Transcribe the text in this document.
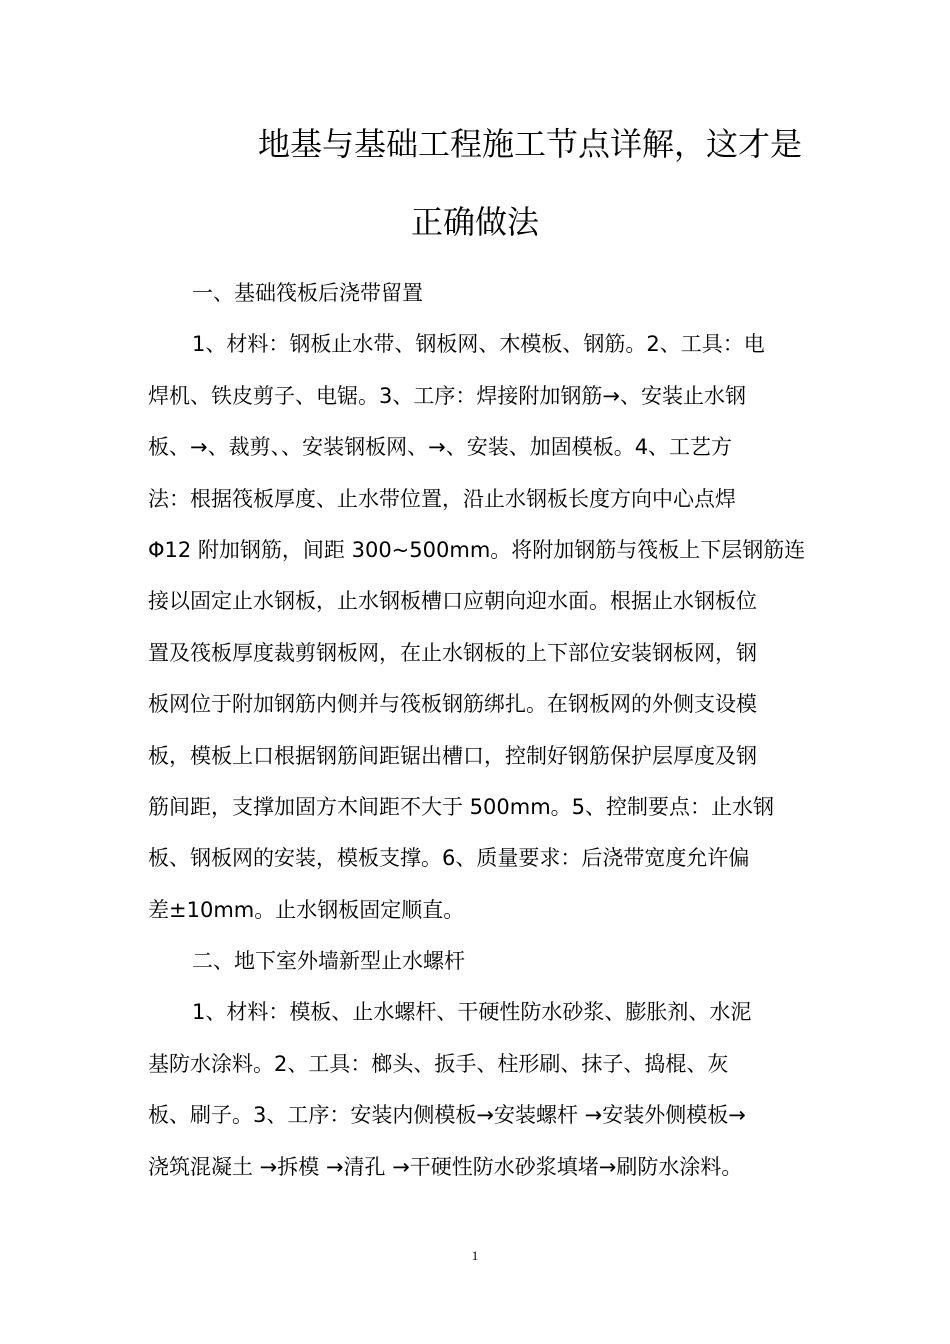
地基与基础工程施工节点详解，这才是
正确做法

一、基础筏板后浇带留置

1、材料：钢板止水带、钢板网、木模板、钢筋。2、工具：电

焊机、铁皮剪子、电锯。3、工序：焊接附加钢筋→、安装止水钢

板、→、裁剪、、安装钢板网、→、安装、加固模板。4、工艺方

法：根据筏板厚度、止水带位置，沿止水钢板长度方向中心点焊

Φ12 附加钢筋，间距 300~500mm。将附加钢筋与筏板上下层钢筋连

接以固定止水钢板，止水钢板槽口应朝向迎水面。根据止水钢板位

置及筏板厚度裁剪钢板网，在止水钢板的上下部位安装钢板网，钢

板网位于附加钢筋内侧并与筏板钢筋绑扎。在钢板网的外侧支设模

板，模板上口根据钢筋间距锯出槽口，控制好钢筋保护层厚度及钢

筋间距，支撑加固方木间距不大于 500mm。5、控制要点：止水钢

板、钢板网的安装，模板支撑。6、质量要求：后浇带宽度允许偏

差±10mm。止水钢板固定顺直。

二、地下室外墙新型止水螺杆

1、材料：模板、止水螺杆、干硬性防水砂浆、膨胀剂、水泥

基防水涂料。2、工具：榔头、扳手、柱形刷、抹子、捣棍、灰

板、刷子。3、工序：安装内侧模板→安装螺杆 →安装外侧模板→

浇筑混凝土 →拆模 →清孔 →干硬性防水砂浆填堵→刷防水涂料。

1
